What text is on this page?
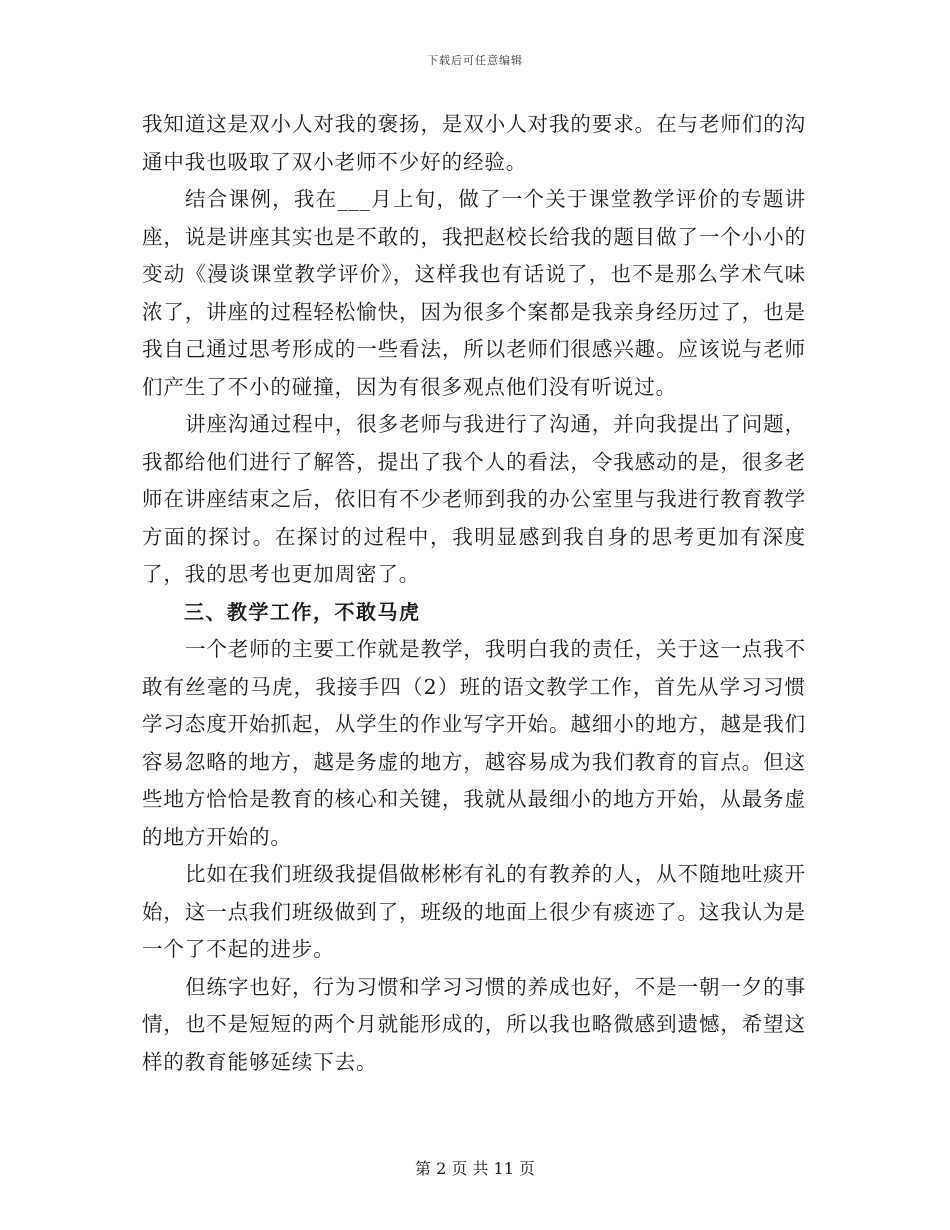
下载后可任意编辑

我知道这是双小人对我的褒扬，是双小人对我的要求。在与老师们的沟通中我也吸取了双小老师不少好的经验。

结合课例，我在___月上旬，做了一个关于课堂教学评价的专题讲座，说是讲座其实也是不敢的，我把赵校长给我的题目做了一个小小的变动《漫谈课堂教学评价》，这样我也有话说了，也不是那么学术气味浓了，讲座的过程轻松愉快，因为很多个案都是我亲身经历过了，也是我自己通过思考形成的一些看法，所以老师们很感兴趣。应该说与老师们产生了不小的碰撞，因为有很多观点他们没有听说过。

讲座沟通过程中，很多老师与我进行了沟通，并向我提出了问题，我都给他们进行了解答，提出了我个人的看法，令我感动的是，很多老师在讲座结束之后，依旧有不少老师到我的办公室里与我进行教育教学方面的探讨。在探讨的过程中，我明显感到我自身的思考更加有深度了，我的思考也更加周密了。

三、教学工作，不敢马虎

一个老师的主要工作就是教学，我明白我的责任，关于这一点我不敢有丝毫的马虎，我接手四（2）班的语文教学工作，首先从学习习惯学习态度开始抓起，从学生的作业写字开始。越细小的地方，越是我们容易忽略的地方，越是务虚的地方，越容易成为我们教育的盲点。但这些地方恰恰是教育的核心和关键，我就从最细小的地方开始，从最务虚的地方开始的。

比如在我们班级我提倡做彬彬有礼的有教养的人，从不随地吐痰开始，这一点我们班级做到了，班级的地面上很少有痰迹了。这我认为是一个了不起的进步。

但练字也好，行为习惯和学习习惯的养成也好，不是一朝一夕的事情，也不是短短的两个月就能形成的，所以我也略微感到遗憾，希望这样的教育能够延续下去。

第 2 页 共 11 页
